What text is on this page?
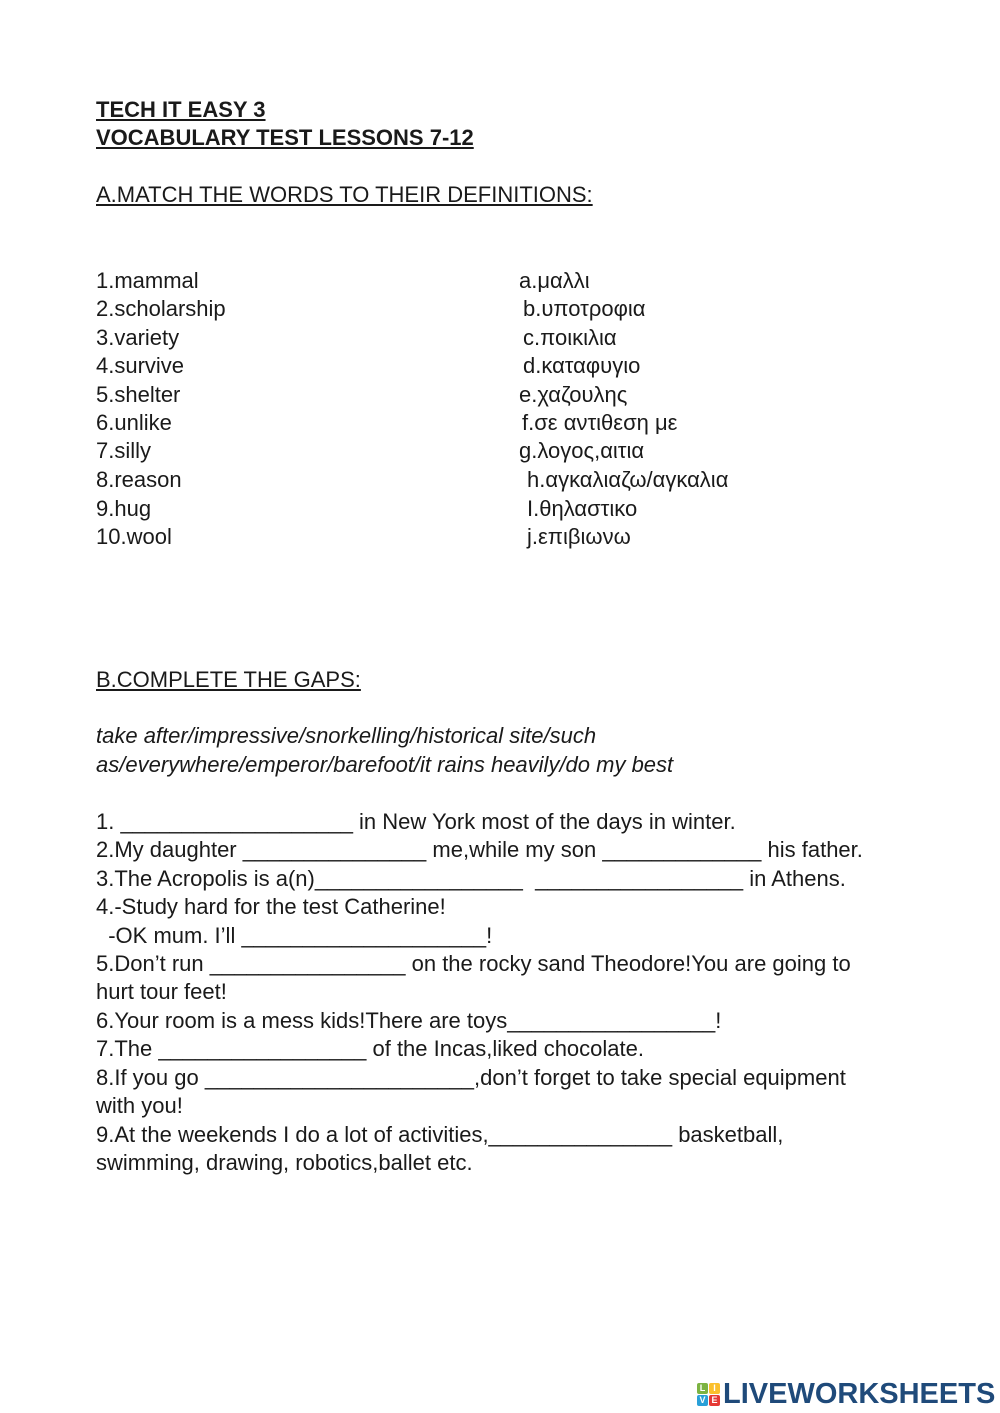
TECH IT EASY 3
VOCABULARY TEST LESSONS 7-12
A.MATCH THE WORDS TO THEIR DEFINITIONS:
1.mammal	a.μαλλι
2.scholarship	b.υποτροφια
3.variety	c.ποικιλια
4.survive	d.καταφυγιο
5.shelter	e.χαζουλης
6.unlike	f.σε αντιθεση με
7.silly	g.λογος,αιτια
8.reason	h.αγκαλιαζω/αγκαλια
9.hug	I.θηλαστικο
10.wool	j.επιβιωνω
B.COMPLETE THE GAPS:
take after/impressive/snorkelling/historical site/such
as/everywhere/emperor/barefoot/it rains heavily/do my best
1. ___________________ in New York most of the days in winter.
2.My daughter _______________ me,while my son _____________ his father.
3.The Acropolis is a(n)_________________  _________________ in Athens.
4.-Study hard for the test Catherine!
-OK mum. I’ll ____________________!
5.Don’t run ________________ on the rocky sand Theodore!You are going to
hurt tour feet!
6.Your room is a mess kids!There are toys_________________!
7.The _________________ of the Incas,liked chocolate.
8.If you go ______________________,don’t forget to take special equipment
with you!
9.At the weekends I do a lot of activities,_______________ basketball,
swimming, drawing, robotics,ballet etc.
L I
V E LIVEWORKSHEETS
